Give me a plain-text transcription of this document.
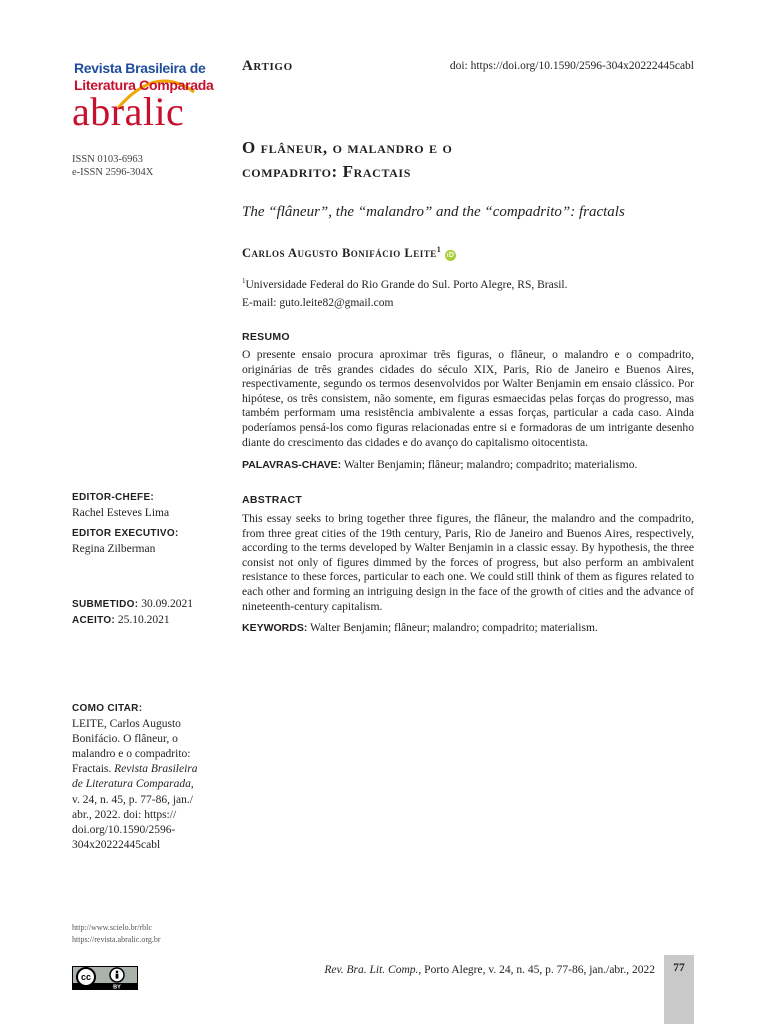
Revista Brasileira de
Literatura Comparada
abralic
ISSN 0103-6963
e-ISSN 2596-304X
Artigo	doi: https://doi.org/10.1590/2596-304x20222445cabl
O flâneur, o malandro e o
compadrito: Fractais
The “flâneur”, the “malandro” and the “compadrito”: fractals
Carlos Augusto Bonifácio Leite$^1$iD
$^1$Universidade Federal do Rio Grande do Sul. Porto Alegre, RS, Brasil.
E-mail: guto.leite82@gmail.com
RESUMO
O presente ensaio procura aproximar três figuras, o flâneur, o malandro e o compadrito, originárias de três grandes cidades do século XIX, Paris, Rio de Janeiro e Buenos Aires, respectivamente, segundo os termos desenvolvidos por Walter Benjamin em ensaio clássico. Por hipótese, os três consistem, não somente, em figuras esmaecidas pelas forças do progresso, mas também performam uma resistência ambivalente a essas forças, particular a cada caso. Ainda poderíamos pensá-los como figuras relacionadas entre si e formadoras de um intrigante desenho diante do crescimento das cidades e do avanço do capitalismo oitocentista.
PALAVRAS-CHAVE: Walter Benjamin; flâneur; malandro; compadrito; materialismo.
ABSTRACT
This essay seeks to bring together three figures, the flâneur, the malandro and the compadrito, from three great cities of the 19th century, Paris, Rio de Janeiro and Buenos Aires, respectively, according to the terms developed by Walter Benjamin in a classic essay. By hypothesis, the three consist not only of figures dimmed by the forces of progress, but also perform an ambivalent resistance to these forces, particular to each one. We could still think of them as figures related to each other and forming an intriguing design in the face of the growth of cities and the advance of nineteenth-century capitalism.
KEYWORDS: Walter Benjamin; flâneur; malandro; compadrito; materialism.
EDITOR-CHEFE:
Rachel Esteves Lima
EDITOR EXECUTIVO:
Regina Zilberman
SUBMETIDO: 30.09.2021
ACEITO: 25.10.2021
COMO CITAR:
LEITE, Carlos Augusto Bonifácio. O flâneur, o malandro e o compadrito: Fractais. Revista Brasileira de Literatura Comparada, v. 24, n. 45, p. 77-86, jan./ abr., 2022. doi: https:// doi.org/10.1590/2596- 304x20222445cabl
http://www.scielo.br/rblc
https://revista.abralic.org.br
cc
BY
Rev. Bra. Lit. Comp., Porto Alegre, v. 24, n. 45, p. 77-86, jan./abr., 2022	77
